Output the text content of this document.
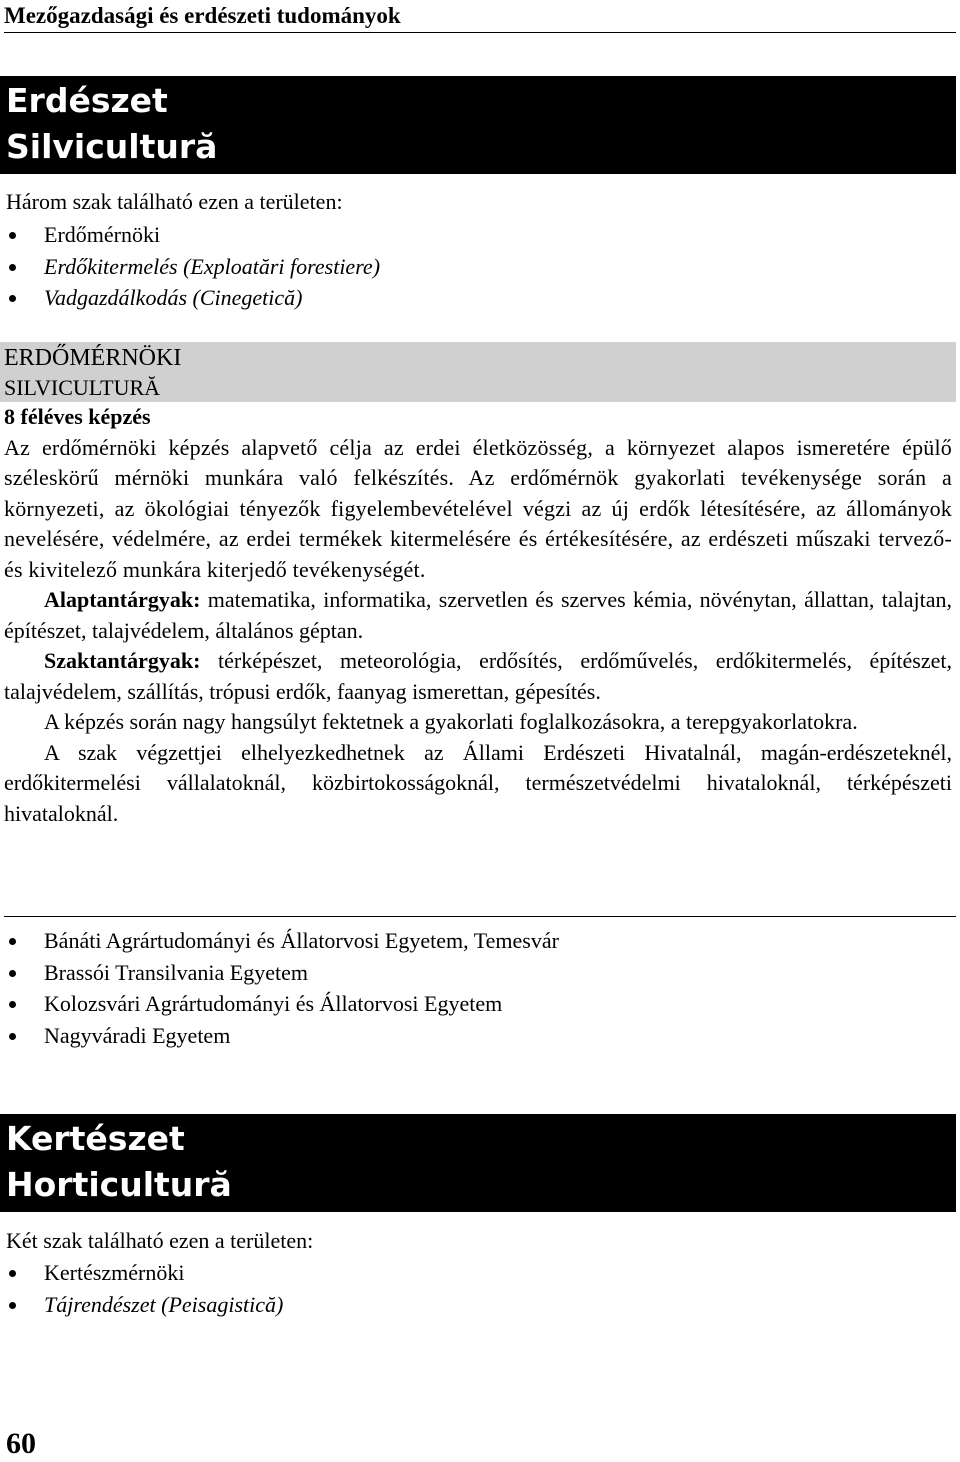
Mezőgazdasági és erdészeti tudományok
Erdészet
Silvicultură
Három szak található ezen a területen:
Erdőmérnöki
Erdőkitermelés (Exploatări forestiere)
Vadgazdálkodás (Cinegetică)
ERDŐMÉRNÖKI
SILVICULTURĂ

8 féléves képzés

Az erdőmérnöki képzés alapvető célja az erdei életközösség, a környezet alapos ismeretére épülő széleskörű mérnöki munkára való felkészítés. Az erdőmérnök gyakorlati tevékenysége során a környezeti, az ökológiai tényezők figyelembevételével végzi az új erdők létesítésére, az állományok nevelésére, védelmére, az erdei termékek kitermelésére és értékesítésére, az erdészeti műszaki tervező- és kivitelező munkára kiterjedő tevékenységét.

Alaptantárgyak: matematika, informatika, szervetlen és szerves kémia, növénytan, állattan, talajtan, építészet, talajvédelem, általános géptan.

Szaktantárgyak: térképészet, meteorológia, erdősítés, erdőművelés, erdőkitermelés, építészet, talajvédelem, szállítás, trópusi erdők, faanyag ismerettan, gépesítés.

A képzés során nagy hangsúlyt fektetnek a gyakorlati foglalkozásokra, a terepgyakorlatokra.

A szak végzettjei elhelyezkedhetnek az Állami Erdészeti Hivatalnál, magán-erdészeteknél, erdőkitermelési vállalatoknál, közbirtokosságoknál, természetvédelmi hivataloknál, térképészeti hivataloknál.

Bánáti Agrártudományi és Állatorvosi Egyetem, Temesvár
Brassói Transilvania Egyetem
Kolozsvári Agrártudományi és Állatorvosi Egyetem
Nagyváradi Egyetem
Kertészet
Horticultură
Két szak található ezen a területen:
Kertészmérnöki
Tájrendészet (Peisagistică)
60
